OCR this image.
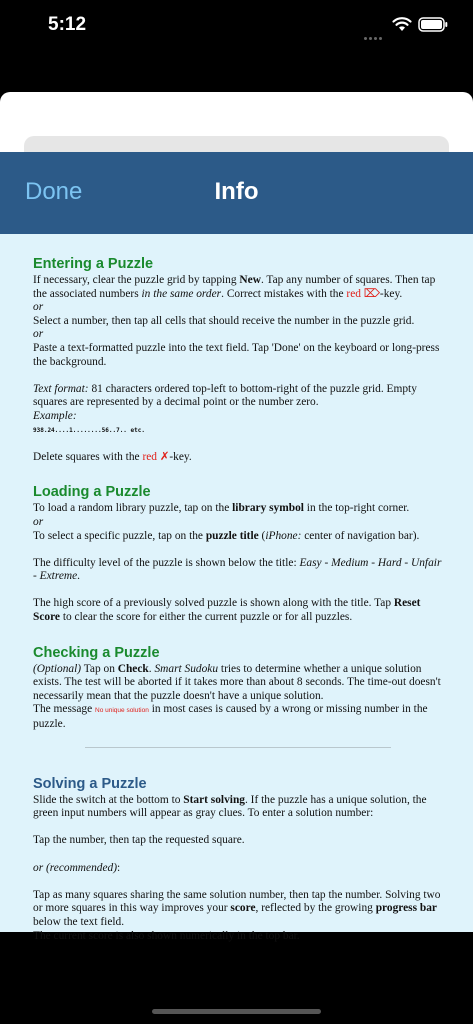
5:12
Done	Info
Entering a Puzzle

If necessary, clear the puzzle grid by tapping New. Tap any number of squares. Then tap the associated numbers in the same order. Correct mistakes with the red ⌦-key.

or

Select a number, then tap all cells that should receive the number in the puzzle grid.

or

Paste a text-formatted puzzle into the text field. Tap 'Done' on the keyboard or long-press the background.

Text format: 81 characters ordered top-left to bottom-right of the puzzle grid. Empty squares are represented by a decimal point or the number zero.

Example:

938.24....1........56..7.. etc.

Delete squares with the red ✗-key.

Loading a Puzzle

To load a random library puzzle, tap on the library symbol in the top-right corner.

or

To select a specific puzzle, tap on the puzzle title (iPhone: center of navigation bar).

The difficulty level of the puzzle is shown below the title: Easy - Medium - Hard - Unfair - Extreme.

The high score of a previously solved puzzle is shown along with the title. Tap Reset Score to clear the score for either the current puzzle or for all puzzles.

Checking a Puzzle

(Optional) Tap on Check. Smart Sudoku tries to determine whether a unique solution exists. The test will be aborted if it takes more than about 8 seconds. The time-out doesn't necessarily mean that the puzzle doesn't have a unique solution.

The message No unique solution in most cases is caused by a wrong or missing number in the puzzle.

Solving a Puzzle

Slide the switch at the bottom to Start solving. If the puzzle has a unique solution, the green input numbers will appear as gray clues. To enter a solution number:

Tap the number, then tap the requested square.

or (recommended):

Tap as many squares sharing the same solution number, then tap the number. Solving two or more squares in this way improves your score, reflected by the growing progress bar below the text field.

The current score is also shown numerically in the top bar.
